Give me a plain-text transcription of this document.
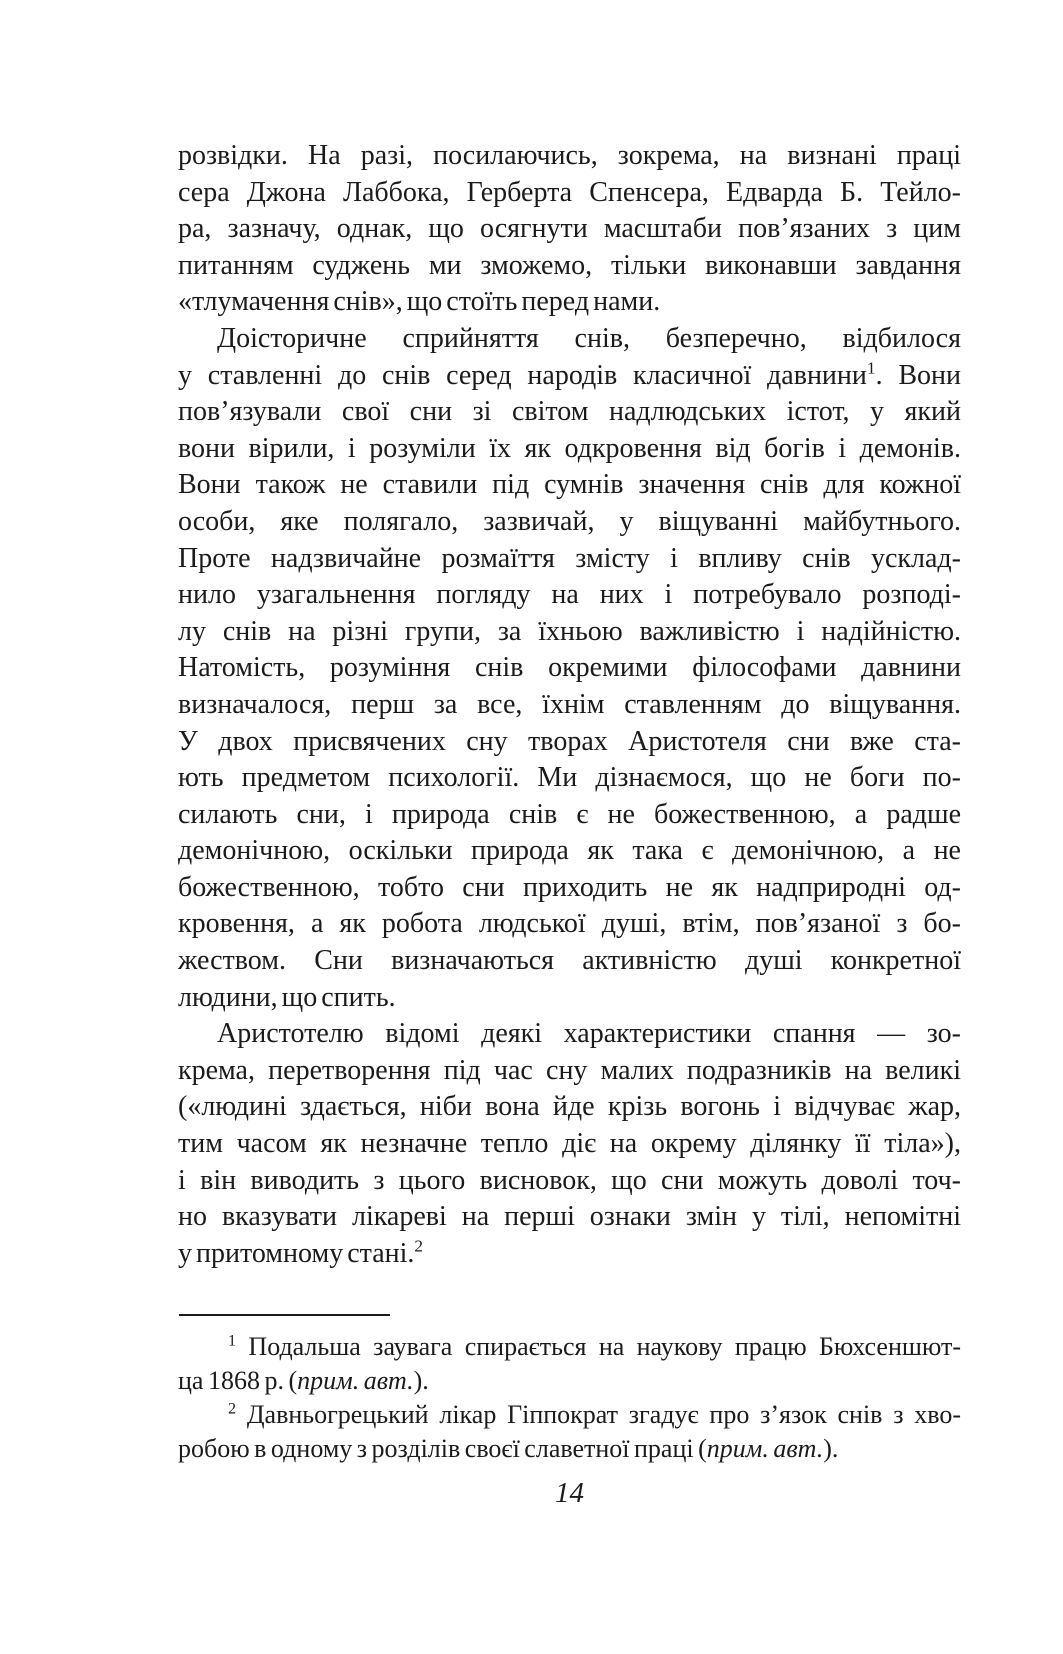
розвідки. На разі, посилаючись, зокрема, на визнані праці
сера Джона Лаббока, Герберта Спенсера, Едварда Б. Тейло-
ра, зазначу, однак, що осягнути масштаби пов’язаних з цим
питанням суджень ми зможемо, тільки виконавши завдання
«тлумачення снів», що стоїть перед нами.
Доісторичне сприйняття снів, безперечно, відбилося
у ставленні до снів серед народів класичної давнини$^1$. Вони
пов’язували свої сни зі світом надлюдських істот, у який
вони вірили, і розуміли їх як одкровення від богів і демонів.
Вони також не ставили під сумнів значення снів для кожної
особи, яке полягало, зазвичай, у віщуванні майбутнього.
Проте надзвичайне розмаїття змісту і впливу снів усклад-
нило узагальнення погляду на них і потребувало розподі-
лу снів на різні групи, за їхньою важливістю і надійністю.
Натомість, розуміння снів окремими філософами давнини
визначалося, перш за все, їхнім ставленням до віщування.
У двох присвячених сну творах Аристотеля сни вже ста-
ють предметом психології. Ми дізнаємося, що не боги по-
силають сни, і природа снів є не божественною, а радше
демонічною, оскільки природа як така є демонічною, а не
божественною, тобто сни приходить не як надприродні од-
кровення, а як робота людської душі, втім, пов’язаної з бо-
жеством. Сни визначаються активністю душі конкретної
людини, що спить.
Аристотелю відомі деякі характеристики спання — зо-
крема, перетворення під час сну малих подразників на великі
(«людині здається, ніби вона йде крізь вогонь і відчуває жар,
тим часом як незначне тепло діє на окрему ділянку її тіла»),
і він виводить з цього висновок, що сни можуть доволі точ-
но вказувати лікареві на перші ознаки змін у тілі, непомітні
у притомному стані.$^2$
$^1$ Подальша заувага спирається на наукову працю Бюхсеншют-
ца 1868 р. (прим. авт.).
$^2$ Давньогрецький лікар Гіппократ згадує про з’язок снів з хво-
робою в одному з розділів своєї славетної праці (прим. авт.).
14
